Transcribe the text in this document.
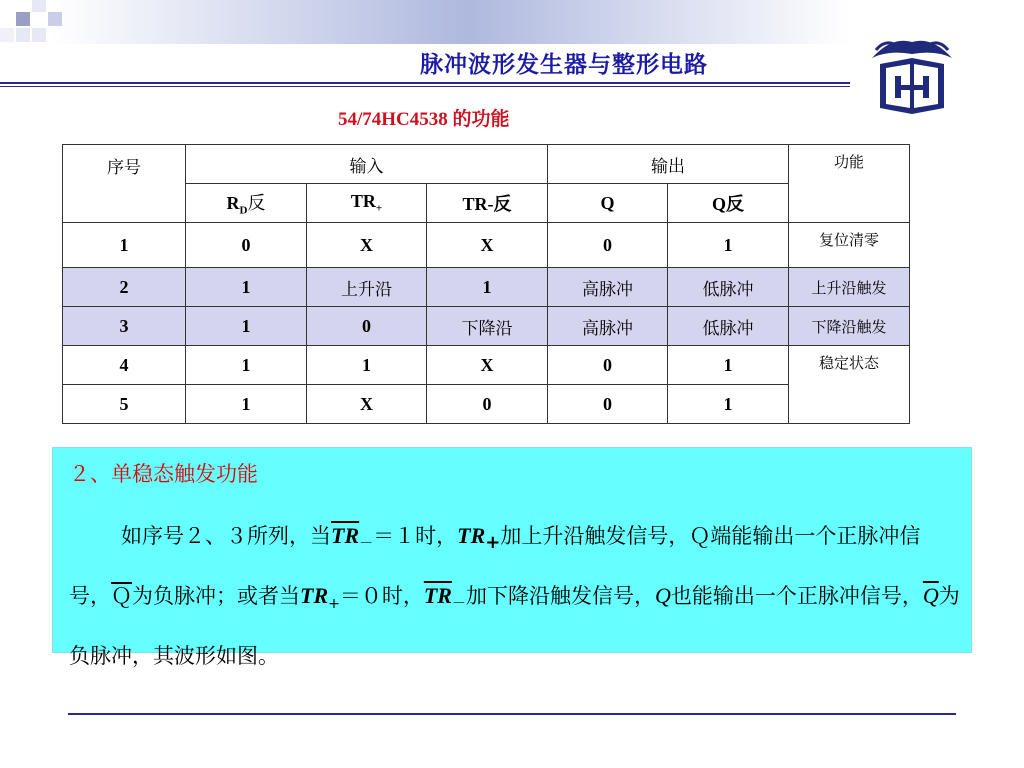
脉冲波形发生器与整形电路
54/74HC4538 的功能
序号	输入			输出		功能
	$R_D$反	$TR_+$	TR-反	Q	Q反	
1	0	X	X	0	1	复位清零
2	1	上升沿	1	高脉冲	低脉冲	上升沿触发
3	1	0	下降沿	高脉冲	低脉冲	下降沿触发
4	1	1	X	0	1	稳定状态
5	1	X	0	0	1	
２、单稳态触发功能
如序号２、３所列，当$\overline{TR}_-=1$时，$TR_+$加上升沿触发信号，Ｑ端能输出一个正脉冲信号，$\overline{Q}$为负脉冲；或者当$TR_+=0$时，$\overline{TR}_-$加下降沿触发信号，Q也能输出一个正脉冲信号，$\overline{Q}$为负脉冲，其波形如图。
